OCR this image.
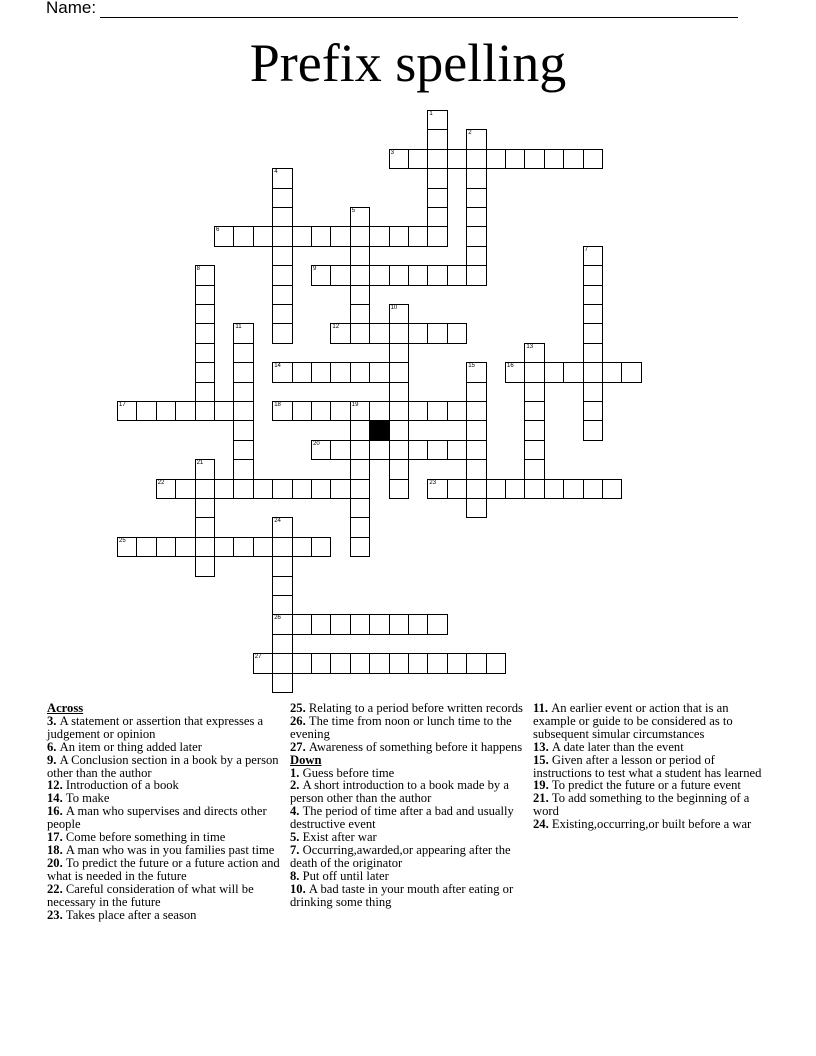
Name:
Prefix spelling
1
2
3
4
5
6
7
8	9
10
11	12
13
14	15	16
17	18	19
20
21
22	23
24
26
25
27
Across
3. A statement or assertion that expresses a judgement or opinion
6. An item or thing added later
9. A Conclusion section in a book by a person other than the author
12. Introduction of a book
14. To make
16. A man who supervises and directs other people
17. Come before something in time
18. A man who was in you families past time
20. To predict the future or a future action and what is needed in the future
22. Careful consideration of what will be necessary in the future
23. Takes place after a season
25. Relating to a period before written records
26. The time from noon or lunch time to the evening
27. Awareness of something before it happens
Down
1. Guess before time
2. A short introduction to a book made by a person other than the author
4. The period of time after a bad and usually destructive event
5. Exist after war
7. Occurring,awarded,or appearing after the death of the originator
8. Put off until later
10. A bad taste in your mouth after eating or drinking some thing
11. An earlier event or action that is an example or guide to be considered as to subsequent simular circumstances
13. A date later than the event
15. Given after a lesson or period of instructions to test what a student has learned
19. To predict the future or a future event
21. To add something to the beginning of a word
24. Existing,occurring,or built before a war
